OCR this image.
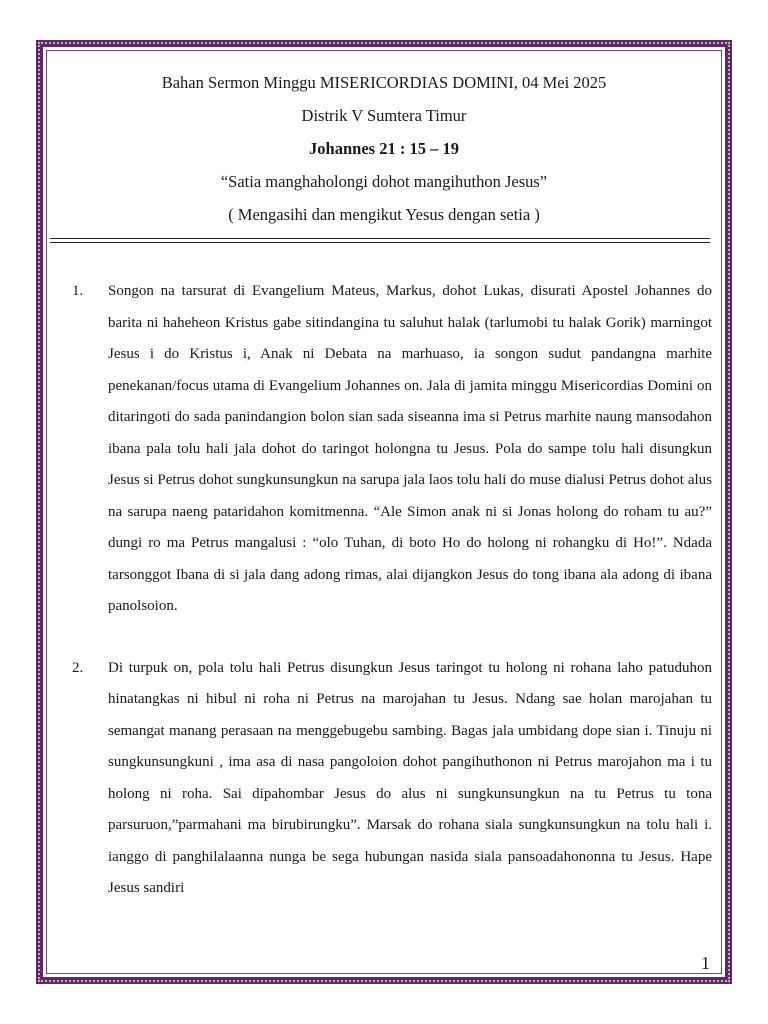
Bahan Sermon Minggu MISERICORDIAS DOMINI, 04 Mei 2025
Distrik V Sumtera Timur
Johannes 21 : 15 – 19
“Satia manghaholongi dohot mangihuthon Jesus”
( Mengasihi dan mengikut Yesus dengan setia )
1.	Songon na tarsurat di Evangelium Mateus, Markus, dohot Lukas, disurati Apostel Johannes do barita ni haheheon Kristus gabe sitindangina tu saluhut halak (tarlumobi tu halak Gorik) marningot Jesus i do Kristus i, Anak ni Debata na marhuaso, ia songon sudut pandangna marhite penekanan/focus utama di Evangelium Johannes on. Jala di jamita minggu Misericordias Domini on ditaringoti do sada panindangion bolon sian sada siseanna ima si Petrus marhite naung mansodahon ibana pala tolu hali jala dohot do taringot holongna tu Jesus. Pola do sampe tolu hali disungkun Jesus si Petrus dohot sungkunsungkun na sarupa jala laos tolu hali do muse dialusi Petrus dohot alus na sarupa naeng pataridahon komitmenna. “Ale Simon anak ni si Jonas holong do roham tu au?” dungi ro ma Petrus mangalusi : “olo Tuhan, di boto Ho do holong ni rohangku di Ho!”. Ndada tarsonggot Ibana di si jala dang adong rimas, alai dijangkon Jesus do tong ibana ala adong di ibana panolsoion.
2.	Di turpuk on, pola tolu hali Petrus disungkun Jesus taringot tu holong ni rohana laho patuduhon hinatangkas ni hibul ni roha ni Petrus na marojahan tu Jesus. Ndang sae holan marojahan tu semangat manang perasaan na menggebugebu sambing. Bagas jala umbidang dope sian i. Tinuju ni sungkunsungkuni , ima asa di nasa pangoloion dohot pangihuthonon ni Petrus marojahon ma i tu holong ni roha. Sai dipahombar Jesus do alus ni sungkunsungkun na tu Petrus tu tona parsuruon,”parmahani ma birubirungku”. Marsak do rohana siala sungkunsungkun na tolu hali i. ianggo di panghilalaanna nunga be sega hubungan nasida siala pansoadahononna tu Jesus. Hape Jesus sandiri
1
